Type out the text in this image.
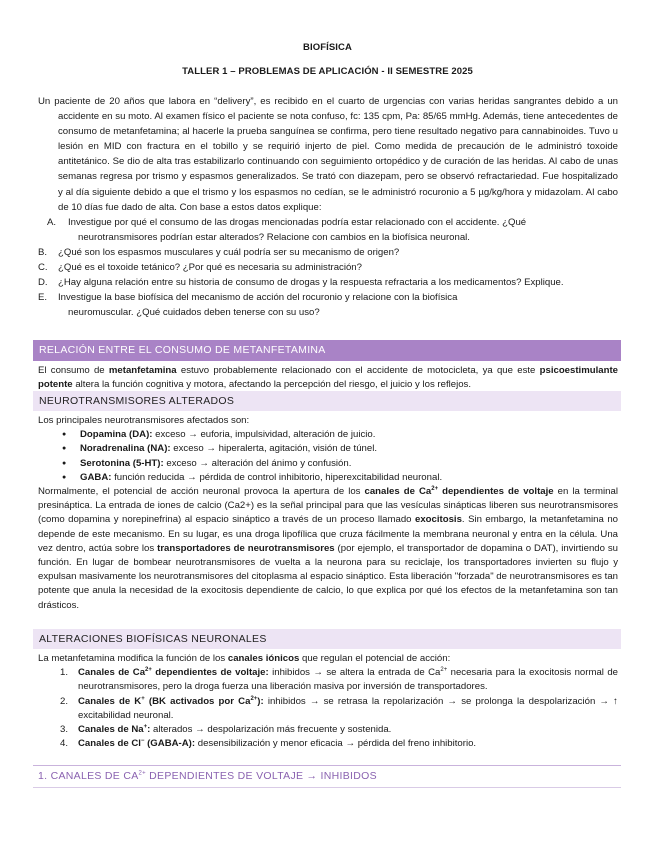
BIOFÍSICA
TALLER 1 – PROBLEMAS DE APLICACIÓN - II SEMESTRE 2025

Un paciente de 20 años que labora en “delivery”, es recibido en el cuarto de urgencias con varias heridas sangrantes debido a un accidente en su moto. Al examen físico el paciente se nota confuso, fc: 135 cpm, Pa: 85/65 mmHg. Además, tiene antecedentes de consumo de metanfetamina; al hacerle la prueba sanguínea se confirma, pero tiene resultado negativo para cannabinoides. Tuvo u lesión en MID con fractura en el tobillo y se requirió injerto de piel. Como medida de precaución de le administró toxoide antitetánico. Se dio de alta tras estabilizarlo continuando con seguimiento ortopédico y de curación de las heridas. Al cabo de unas semanas regresa por trismo y espasmos generalizados. Se trató con diazepam, pero se observó refractariedad. Fue hospitalizado y al día siguiente debido a que el trismo y los espasmos no cedían, se le administró rocuronio a 5 µg/kg/hora y midazolam. Al cabo de 10 días fue dado de alta. Con base a estos datos explique:

A.	Investigue por qué el consumo de las drogas mencionadas podría estar relacionado con el accidente. ¿Qué
neurotransmisores podrían estar alterados? Relacione con cambios en la biofísica neuronal.
B.	¿Qué son los espasmos musculares y cuál podría ser su mecanismo de origen?
C.	¿Qué es el toxoide tetánico? ¿Por qué es necesaria su administración?
D.	¿Hay alguna relación entre su historia de consumo de drogas y la respuesta refractaria a los medicamentos? Explique.
E.	Investigue la base biofísica del mecanismo de acción del rocuronio y relacione con la biofísica
neuromuscular. ¿Qué cuidados deben tenerse con su uso?
RELACIÓN ENTRE EL CONSUMO DE METANFETAMINA

El consumo de metanfetamina estuvo probablemente relacionado con el accidente de motocicleta, ya que este psicoestimulante potente altera la función cognitiva y motora, afectando la percepción del riesgo, el juicio y los reflejos.

NEUROTRANSMISORES ALTERADOS

Los principales neurotransmisores afectados son:

● Dopamina (DA): exceso → euforia, impulsividad, alteración de juicio.
● Noradrenalina (NA): exceso → hiperalerta, agitación, visión de túnel.
● Serotonina (5-HT): exceso → alteración del ánimo y confusión.
● GABA: función reducida → pérdida de control inhibitorio, hiperexcitabilidad neuronal.

Normalmente, el potencial de acción neuronal provoca la apertura de los canales de $Ca^{2+}$ dependientes de voltaje en la terminal presináptica. La entrada de iones de calcio (Ca2+) es la señal principal para que las vesículas sinápticas liberen sus neurotransmisores (como dopamina y norepinefrina) al espacio sináptico a través de un proceso llamado exocitosis. Sin embargo, la metanfetamina no depende de este mecanismo. En su lugar, es una droga lipofílica que cruza fácilmente la membrana neuronal y entra en la célula. Una vez dentro, actúa sobre los transportadores de neurotransmisores (por ejemplo, el transportador de dopamina o DAT), invirtiendo su función. En lugar de bombear neurotransmisores de vuelta a la neurona para su reciclaje, los transportadores invierten su flujo y expulsan masivamente los neurotransmisores del citoplasma al espacio sináptico. Esta liberación "forzada" de neurotransmisores es tan potente que anula la necesidad de la exocitosis dependiente de calcio, lo que explica por qué los efectos de la metanfetamina son tan drásticos.

ALTERACIONES BIOFÍSICAS NEURONALES

La metanfetamina modifica la función de los canales iónicos que regulan el potencial de acción:

1. Canales de $Ca^{2+}$ dependientes de voltaje: inhibidos → se altera la entrada de $Ca^{2+}$ necesaria para la exocitosis normal de neurotransmisores, pero la droga fuerza una liberación masiva por inversión de transportadores.
2. Canales de K+ (BK activados por $Ca^{2+}$): inhibidos → se retrasa la repolarización → se prolonga la despolarización → ↑ excitabilidad neuronal.
3. Canales de Na+: alterados → despolarización más frecuente y sostenida.
4. Canales de Cl− (GABA-A): desensibilización y menor eficacia → pérdida del freno inhibitorio.
1. CANALES DE $CA^{2+}$ DEPENDIENTES DE VOLTAJE → INHIBIDOS
